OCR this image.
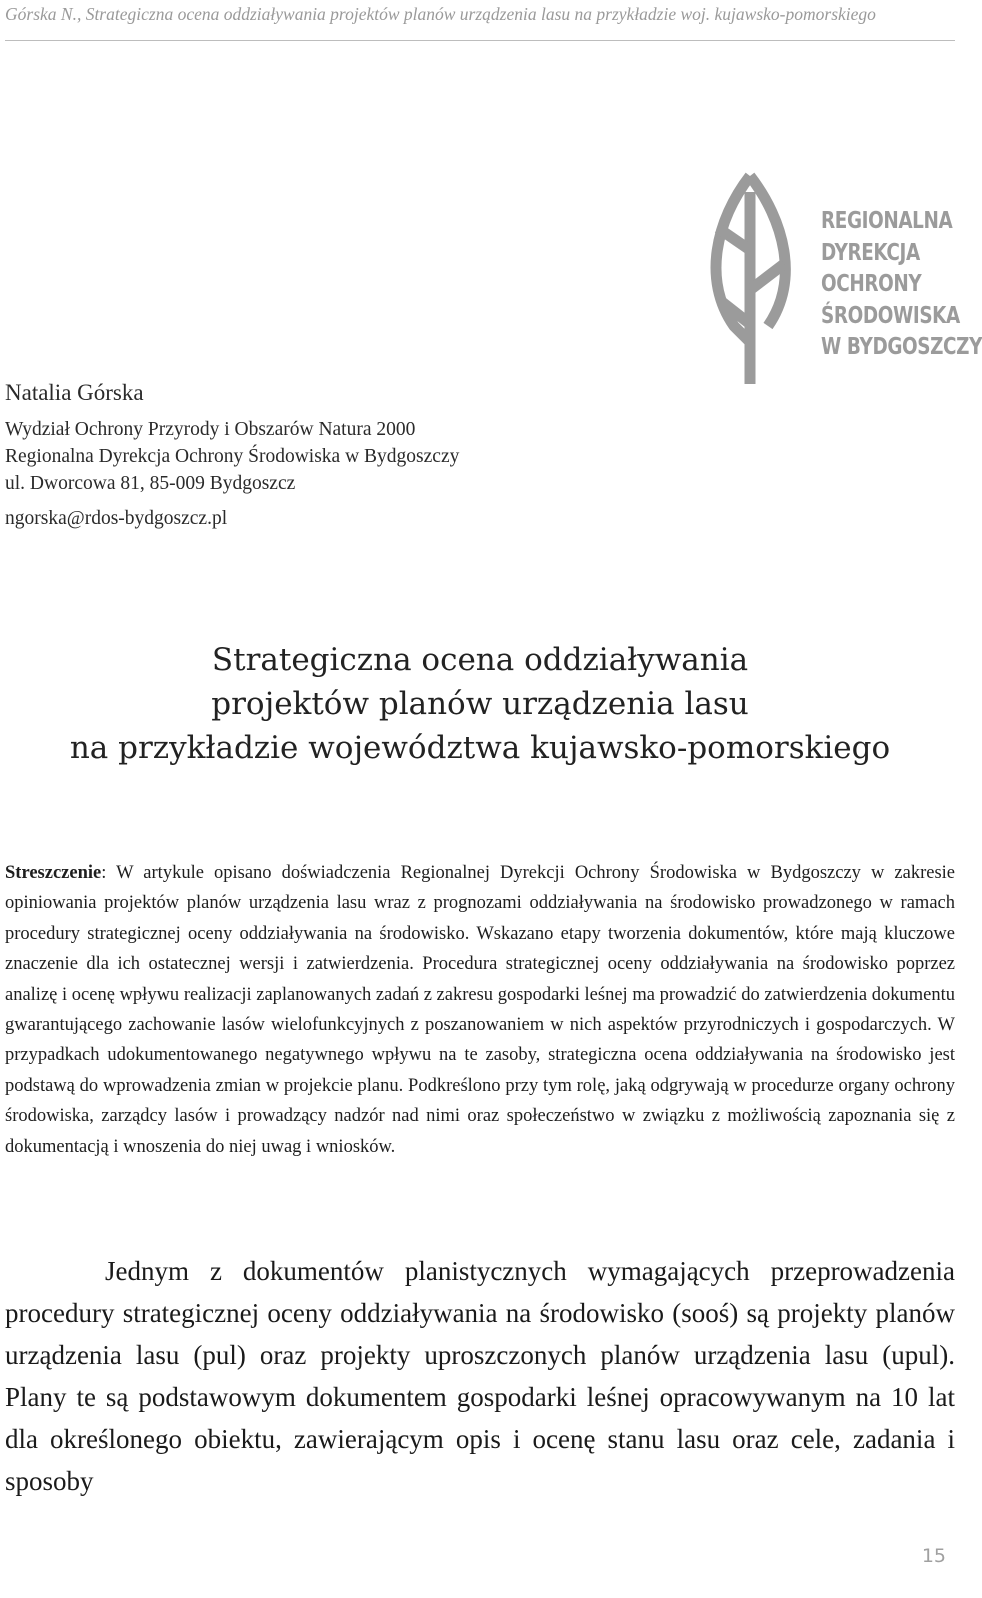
Górska N., Strategiczna ocena oddziaływania projektów planów urządzenia lasu na przykładzie woj. kujawsko-pomorskiego
REGIONALNA
DYREKCJA
OCHRONY
ŚRODOWISKA
W BYDGOSZCZY
Natalia Górska
Wydział Ochrony Przyrody i Obszarów Natura 2000
Regionalna Dyrekcja Ochrony Środowiska w Bydgoszczy
ul. Dworcowa 81, 85-009 Bydgoszcz
ngorska@rdos-bydgoszcz.pl
Strategiczna ocena oddziaływania
projektów planów urządzenia lasu
na przykładzie województwa kujawsko-pomorskiego
Streszczenie: W artykule opisano doświadczenia Regionalnej Dyrekcji Ochrony Środowiska w Bydgoszczy w zakresie opiniowania projektów planów urządzenia lasu wraz z prognozami oddziaływania na środowisko prowadzonego w ramach procedury strategicznej oceny oddziaływania na środowisko. Wskazano etapy tworzenia dokumentów, które mają kluczowe znaczenie dla ich ostatecznej wersji i zatwierdzenia. Procedura strategicznej oceny oddziaływania na środowisko poprzez analizę i ocenę wpływu realizacji zaplanowanych zadań z zakresu gospodarki leśnej ma prowadzić do zatwierdzenia dokumentu gwarantującego zachowanie lasów wielofunkcyjnych z poszanowaniem w nich aspektów przyrodniczych i gospodarczych. W przypadkach udokumentowanego negatywnego wpływu na te zasoby, strategiczna ocena oddziaływania na środowisko jest podstawą do wprowadzenia zmian w projekcie planu. Podkreślono przy tym rolę, jaką odgrywają w procedurze organy ochrony środowiska, zarządcy lasów i prowadzący nadzór nad nimi oraz społeczeństwo w związku z możliwością zapoznania się z dokumentacją i wnoszenia do niej uwag i wniosków.
Jednym z dokumentów planistycznych wymagających przeprowadzenia procedury strategicznej oceny oddziaływania na środowisko (sooś) są projekty planów urządzenia lasu (pul) oraz projekty uproszczonych planów urządzenia lasu (upul). Plany te są podstawowym dokumentem gospodarki leśnej opracowywanym na 10 lat dla określonego obiektu, zawierającym opis i ocenę stanu lasu oraz cele, zadania i sposoby
15
